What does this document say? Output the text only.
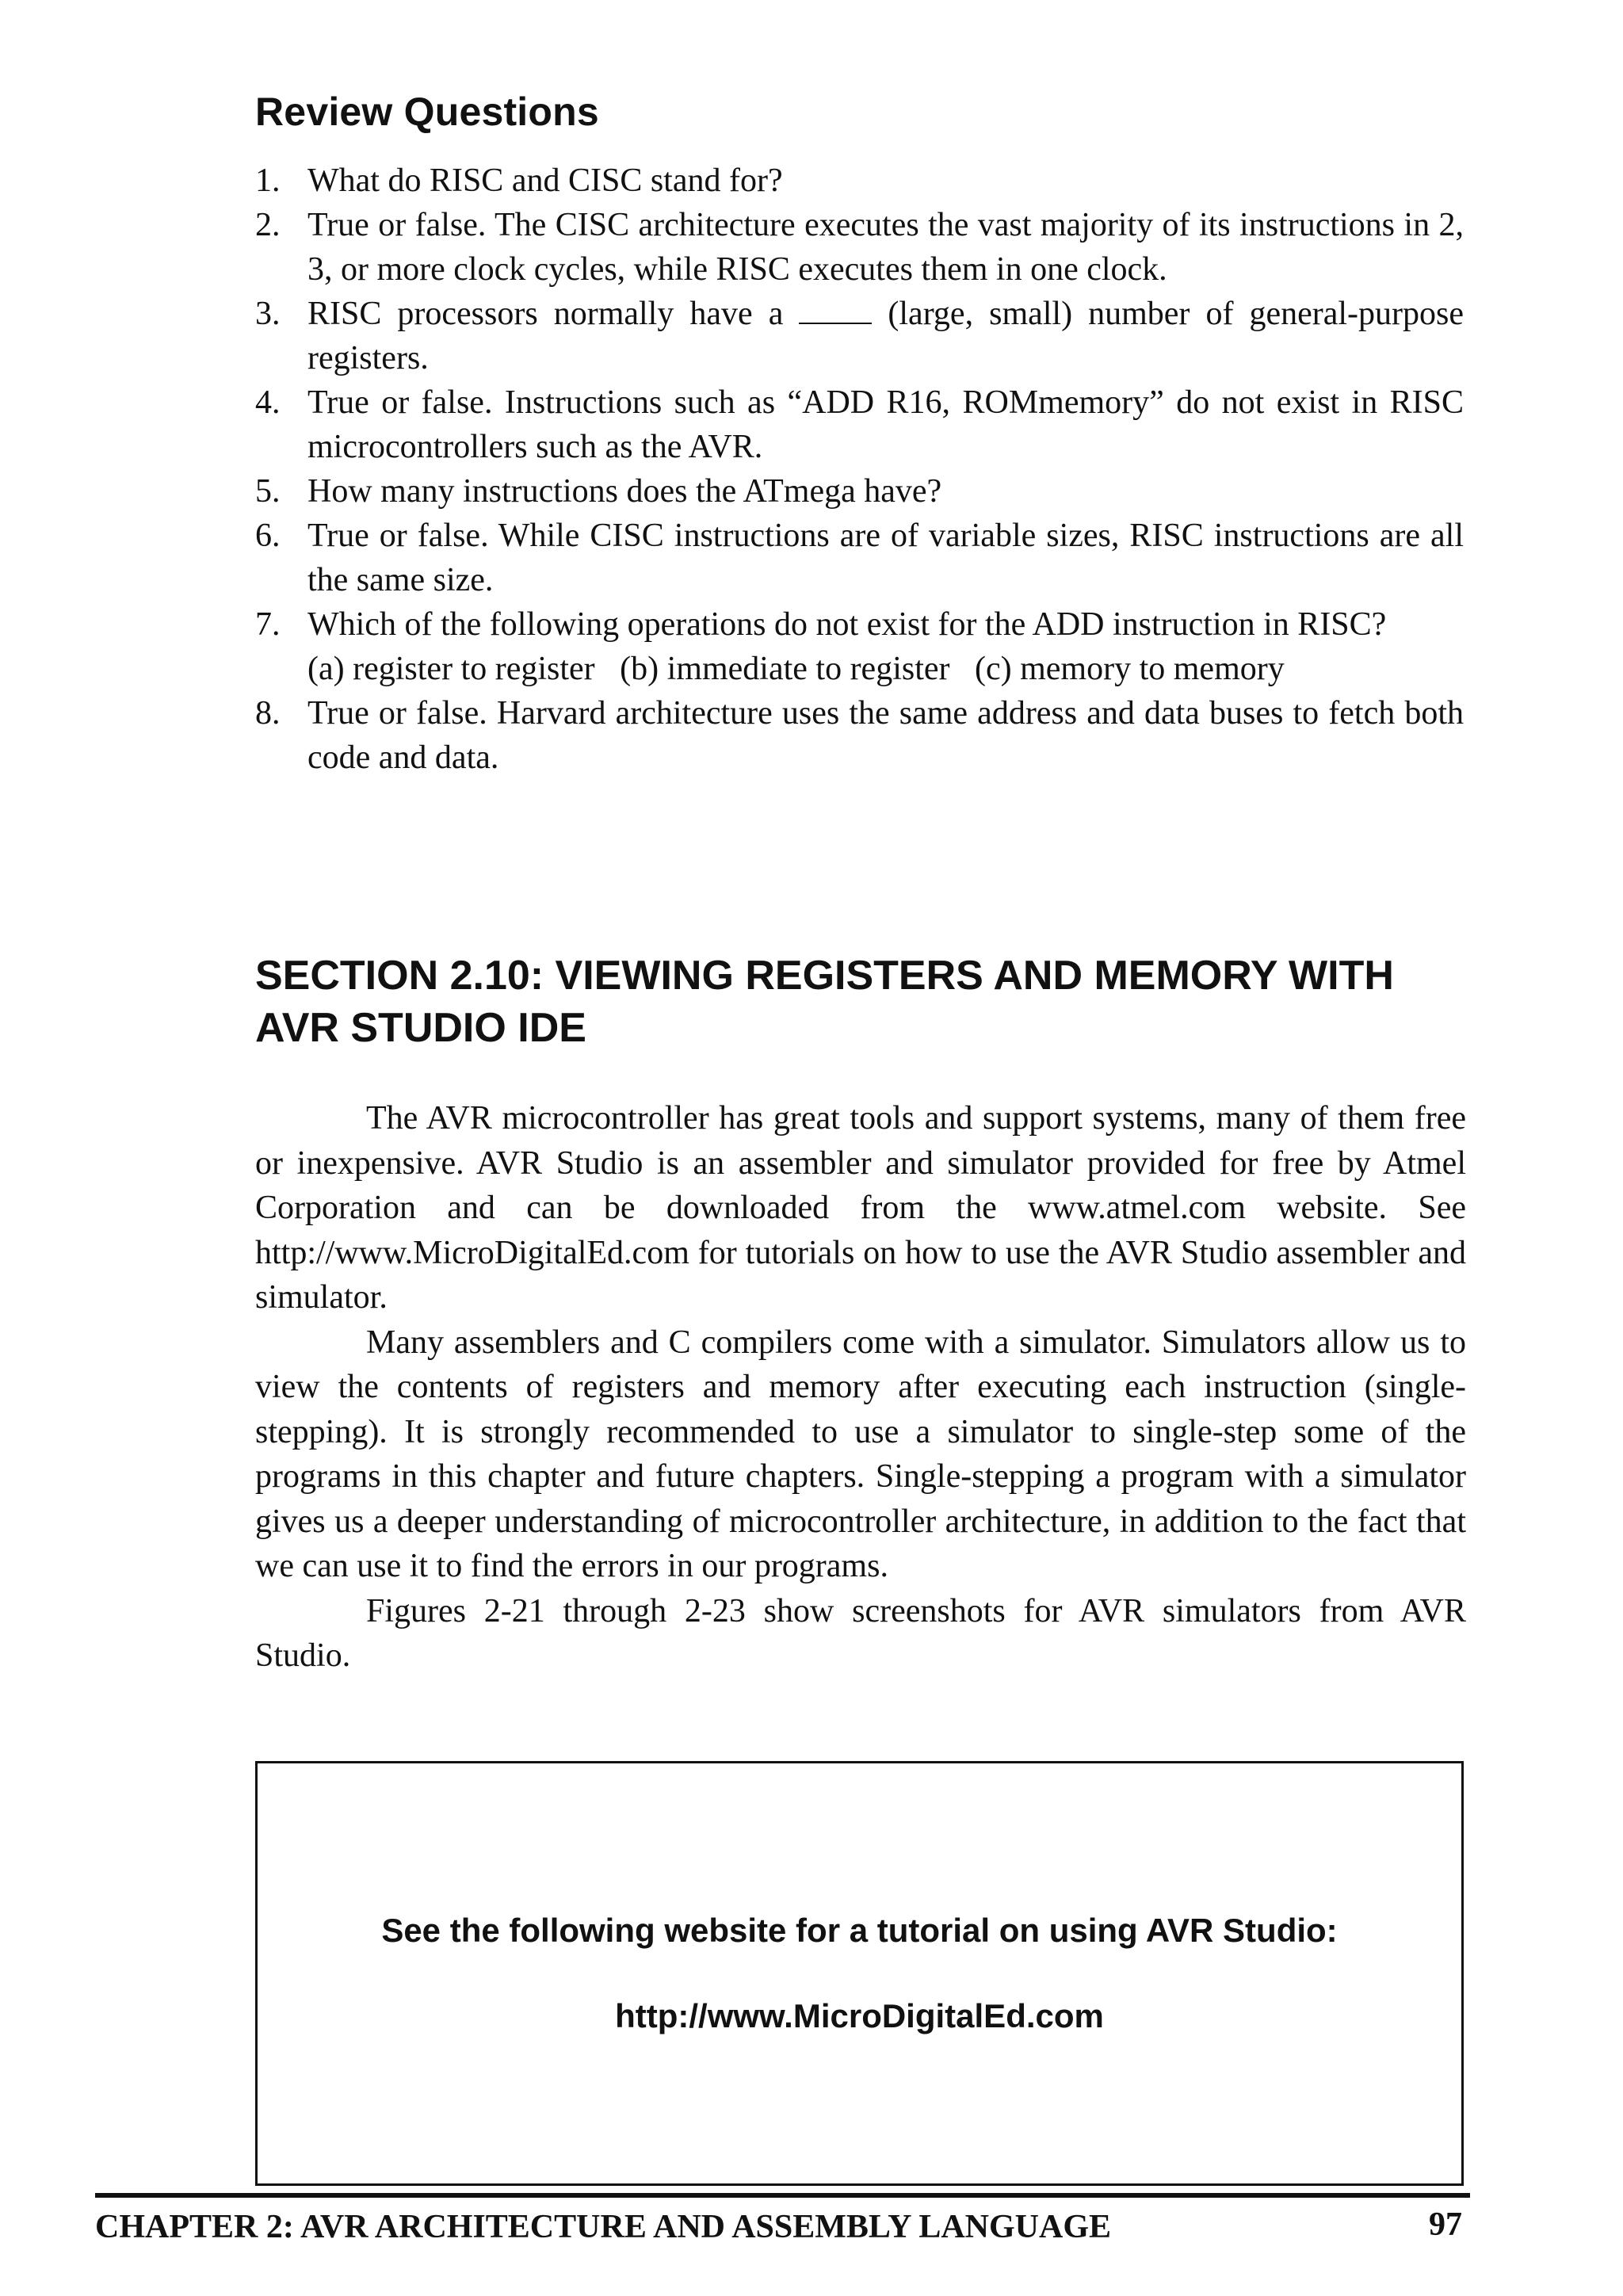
Review Questions
1. What do RISC and CISC stand for?
2. True or false. The CISC architecture executes the vast majority of its instructions in 2, 3, or more clock cycles, while RISC executes them in one clock.
3. RISC processors normally have a	(large, small) number of general-purpose registers.
4. True or false. Instructions such as “ADD R16, ROMmemory” do not exist in RISC microcontrollers such as the AVR.
5. How many instructions does the ATmega have?
6. True or false. While CISC instructions are of variable sizes, RISC instructions are all the same size.
7. Which of the following operations do not exist for the ADD instruction in RISC?
(a) register to register   (b) immediate to register   (c) memory to memory
8. True or false. Harvard architecture uses the same address and data buses to fetch both code and data.
SECTION 2.10: VIEWING REGISTERS AND MEMORY WITH
AVR STUDIO IDE

The AVR microcontroller has great tools and support systems, many of them free or inexpensive. AVR Studio is an assembler and simulator provided for free by Atmel Corporation and can be downloaded from the www.atmel.com website. See http://www.MicroDigitalEd.com for tutorials on how to use the AVR Studio assembler and simulator.

Many assemblers and C compilers come with a simulator. Simulators allow us to view the contents of registers and memory after executing each instruction (single-stepping). It is strongly recommended to use a simulator to single-step some of the programs in this chapter and future chapters. Single-stepping a program with a simulator gives us a deeper understanding of microcontroller architecture, in addition to the fact that we can use it to find the errors in our programs.

Figures 2-21 through 2-23 show screenshots for AVR simulators from AVR Studio.

See the following website for a tutorial on using AVR Studio:
http://www.MicroDigitalEd.com
CHAPTER 2: AVR ARCHITECTURE AND ASSEMBLY LANGUAGE	97
